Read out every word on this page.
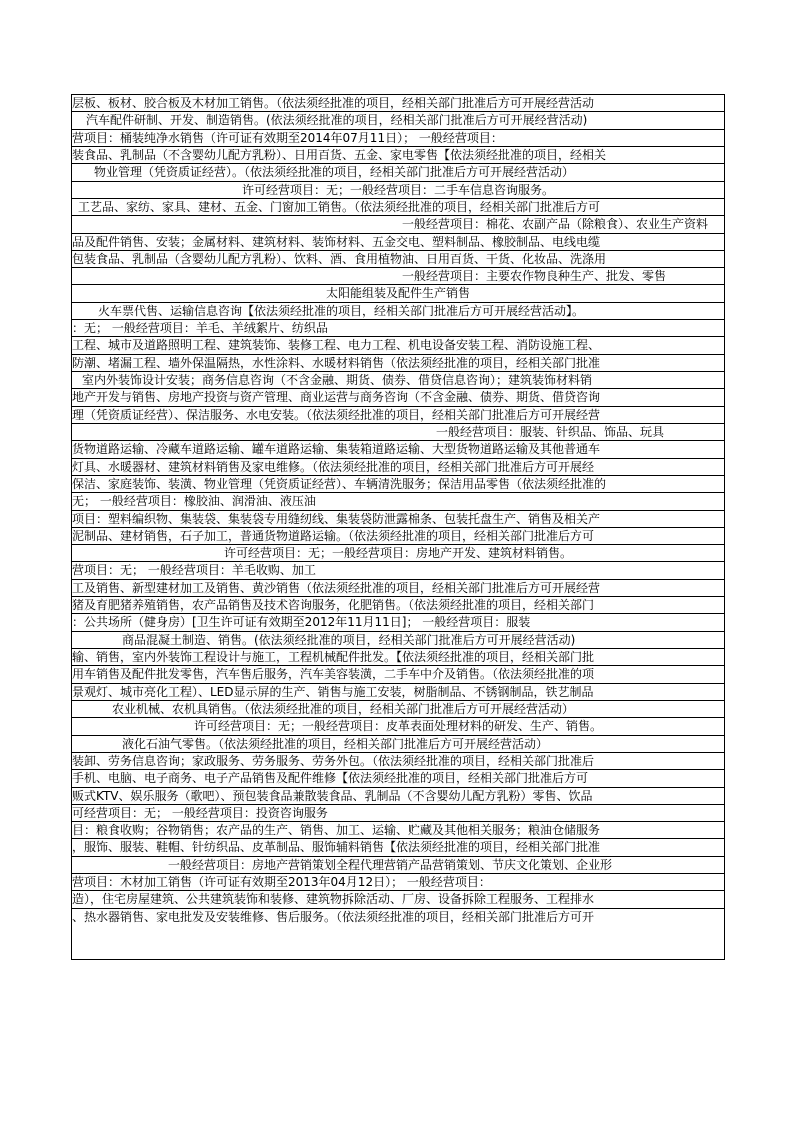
层板、板材、胶合板及木材加工销售。（依法须经批准的项目，经相关部门批准后方可开展经营活动
汽车配件研制、开发、制造销售。(依法须经批准的项目，经相关部门批准后方可开展经营活动)
营项目：桶装纯净水销售（许可证有效期至2014年07月11日）； 一般经营项目：
装食品、乳制品（不含婴幼儿配方乳粉）、日用百货、五金、家电零售【依法须经批准的项目，经相关
物业管理（凭资质证经营）。（依法须经批准的项目，经相关部门批准后方可开展经营活动）
许可经营项目：无；一般经营项目：二手车信息咨询服务。
工艺品、家纺、家具、建材、五金、门窗加工销售。（依法须经批准的项目，经相关部门批准后方可
一般经营项目：棉花、农副产品（除粮食）、农业生产资料
品及配件销售、安装；金属材料、建筑材料、装饰材料、五金交电、塑料制品、橡胶制品、电线电缆
包装食品、乳制品（含婴幼儿配方乳粉）、饮料、酒、食用植物油、日用百货、干货、化妆品、洗涤用
一般经营项目：主要农作物良种生产、批发、零售
太阳能组装及配件生产销售
火车票代售、运输信息咨询【依法须经批准的项目，经相关部门批准后方可开展经营活动】。
：无； 一般经营项目：羊毛、羊绒絮片、纺织品
工程、城市及道路照明工程、建筑装饰、装修工程、电力工程、机电设备安装工程、消防设施工程、
防潮、堵漏工程、墙外保温隔热，水性涂料、水暖材料销售（依法须经批准的项目，经相关部门批准
室内外装饰设计安装；商务信息咨询（不含金融、期货、债券、借贷信息咨询）；建筑装饰材料销
地产开发与销售、房地产投资与资产管理、商业运营与商务咨询（不含金融、债券、期货、借贷咨询
理（凭资质证经营）、保洁服务、水电安装。（依法须经批准的项目，经相关部门批准后方可开展经营
一般经营项目：服装、针织品、饰品、玩具
货物道路运输、冷藏车道路运输、罐车道路运输、集装箱道路运输、大型货物道路运输及其他普通车
灯具、水暖器材、建筑材料销售及家电维修。（依法须经批准的项目，经相关部门批准后方可开展经
保洁、家庭装饰、装潢、物业管理（凭资质证经营）、车辆清洗服务；保洁用品零售（依法须经批准的
无； 一般经营项目：橡胶油、润滑油、液压油
项目：塑料编织物、集装袋、集装袋专用缝纫线、集装袋防泄露棉条、包装托盘生产、销售及相关产
泥制品、建材销售，石子加工，普通货物道路运输。（依法须经批准的项目，经相关部门批准后方可
许可经营项目：无；一般经营项目：房地产开发、建筑材料销售。
营项目：无； 一般经营项目：羊毛收购、加工
工及销售、新型建材加工及销售、黄沙销售（依法须经批准的项目，经相关部门批准后方可开展经营
猪及育肥猪养殖销售，农产品销售及技术咨询服务，化肥销售。（依法须经批准的项目，经相关部门
：公共场所（健身房）[卫生许可证有效期至2012年11月11日]； 一般经营项目：服装
商品混凝土制造、销售。(依法须经批准的项目，经相关部门批准后方可开展经营活动)
输、销售，室内外装饰工程设计与施工，工程机械配件批发。【依法须经批准的项目，经相关部门批
用车销售及配件批发零售，汽车售后服务，汽车美容装潢，二手车中介及销售。（依法须经批准的项
景观灯、城市亮化工程）、LED显示屏的生产、销售与施工安装，树脂制品、不锈钢制品，铁艺制品
农业机械、农机具销售。（依法须经批准的项目，经相关部门批准后方可开展经营活动）
许可经营项目：无；一般经营项目：皮革表面处理材料的研发、生产、销售。
液化石油气零售。（依法须经批准的项目，经相关部门批准后方可开展经营活动）
装卸、劳务信息咨询；家政服务、劳务服务、劳务外包。（依法须经批准的项目，经相关部门批准后
手机、电脑、电子商务、电子产品销售及配件维修【依法须经批准的项目，经相关部门批准后方可
贩式KTV、娱乐服务（歌吧）、预包装食品兼散装食品、乳制品（不含婴幼儿配方乳粉）零售、饮品
可经营项目：无； 一般经营项目：投资咨询服务
目：粮食收购；谷物销售；农产品的生产、销售、加工、运输、贮藏及其他相关服务；粮油仓储服务
，服饰、服装、鞋帽、针纺织品、皮革制品、服饰辅料销售【依法须经批准的项目，经相关部门批准
一般经营项目：房地产营销策划全程代理营销产品营销策划、节庆文化策划、企业形
营项目：木材加工销售（许可证有效期至2013年04月12日）； 一般经营项目：
造），住宅房屋建筑、公共建筑装饰和装修、建筑物拆除活动、厂房、设备拆除工程服务、工程排水
、热水器销售、家电批发及安装维修、售后服务。（依法须经批准的项目，经相关部门批准后方可开
